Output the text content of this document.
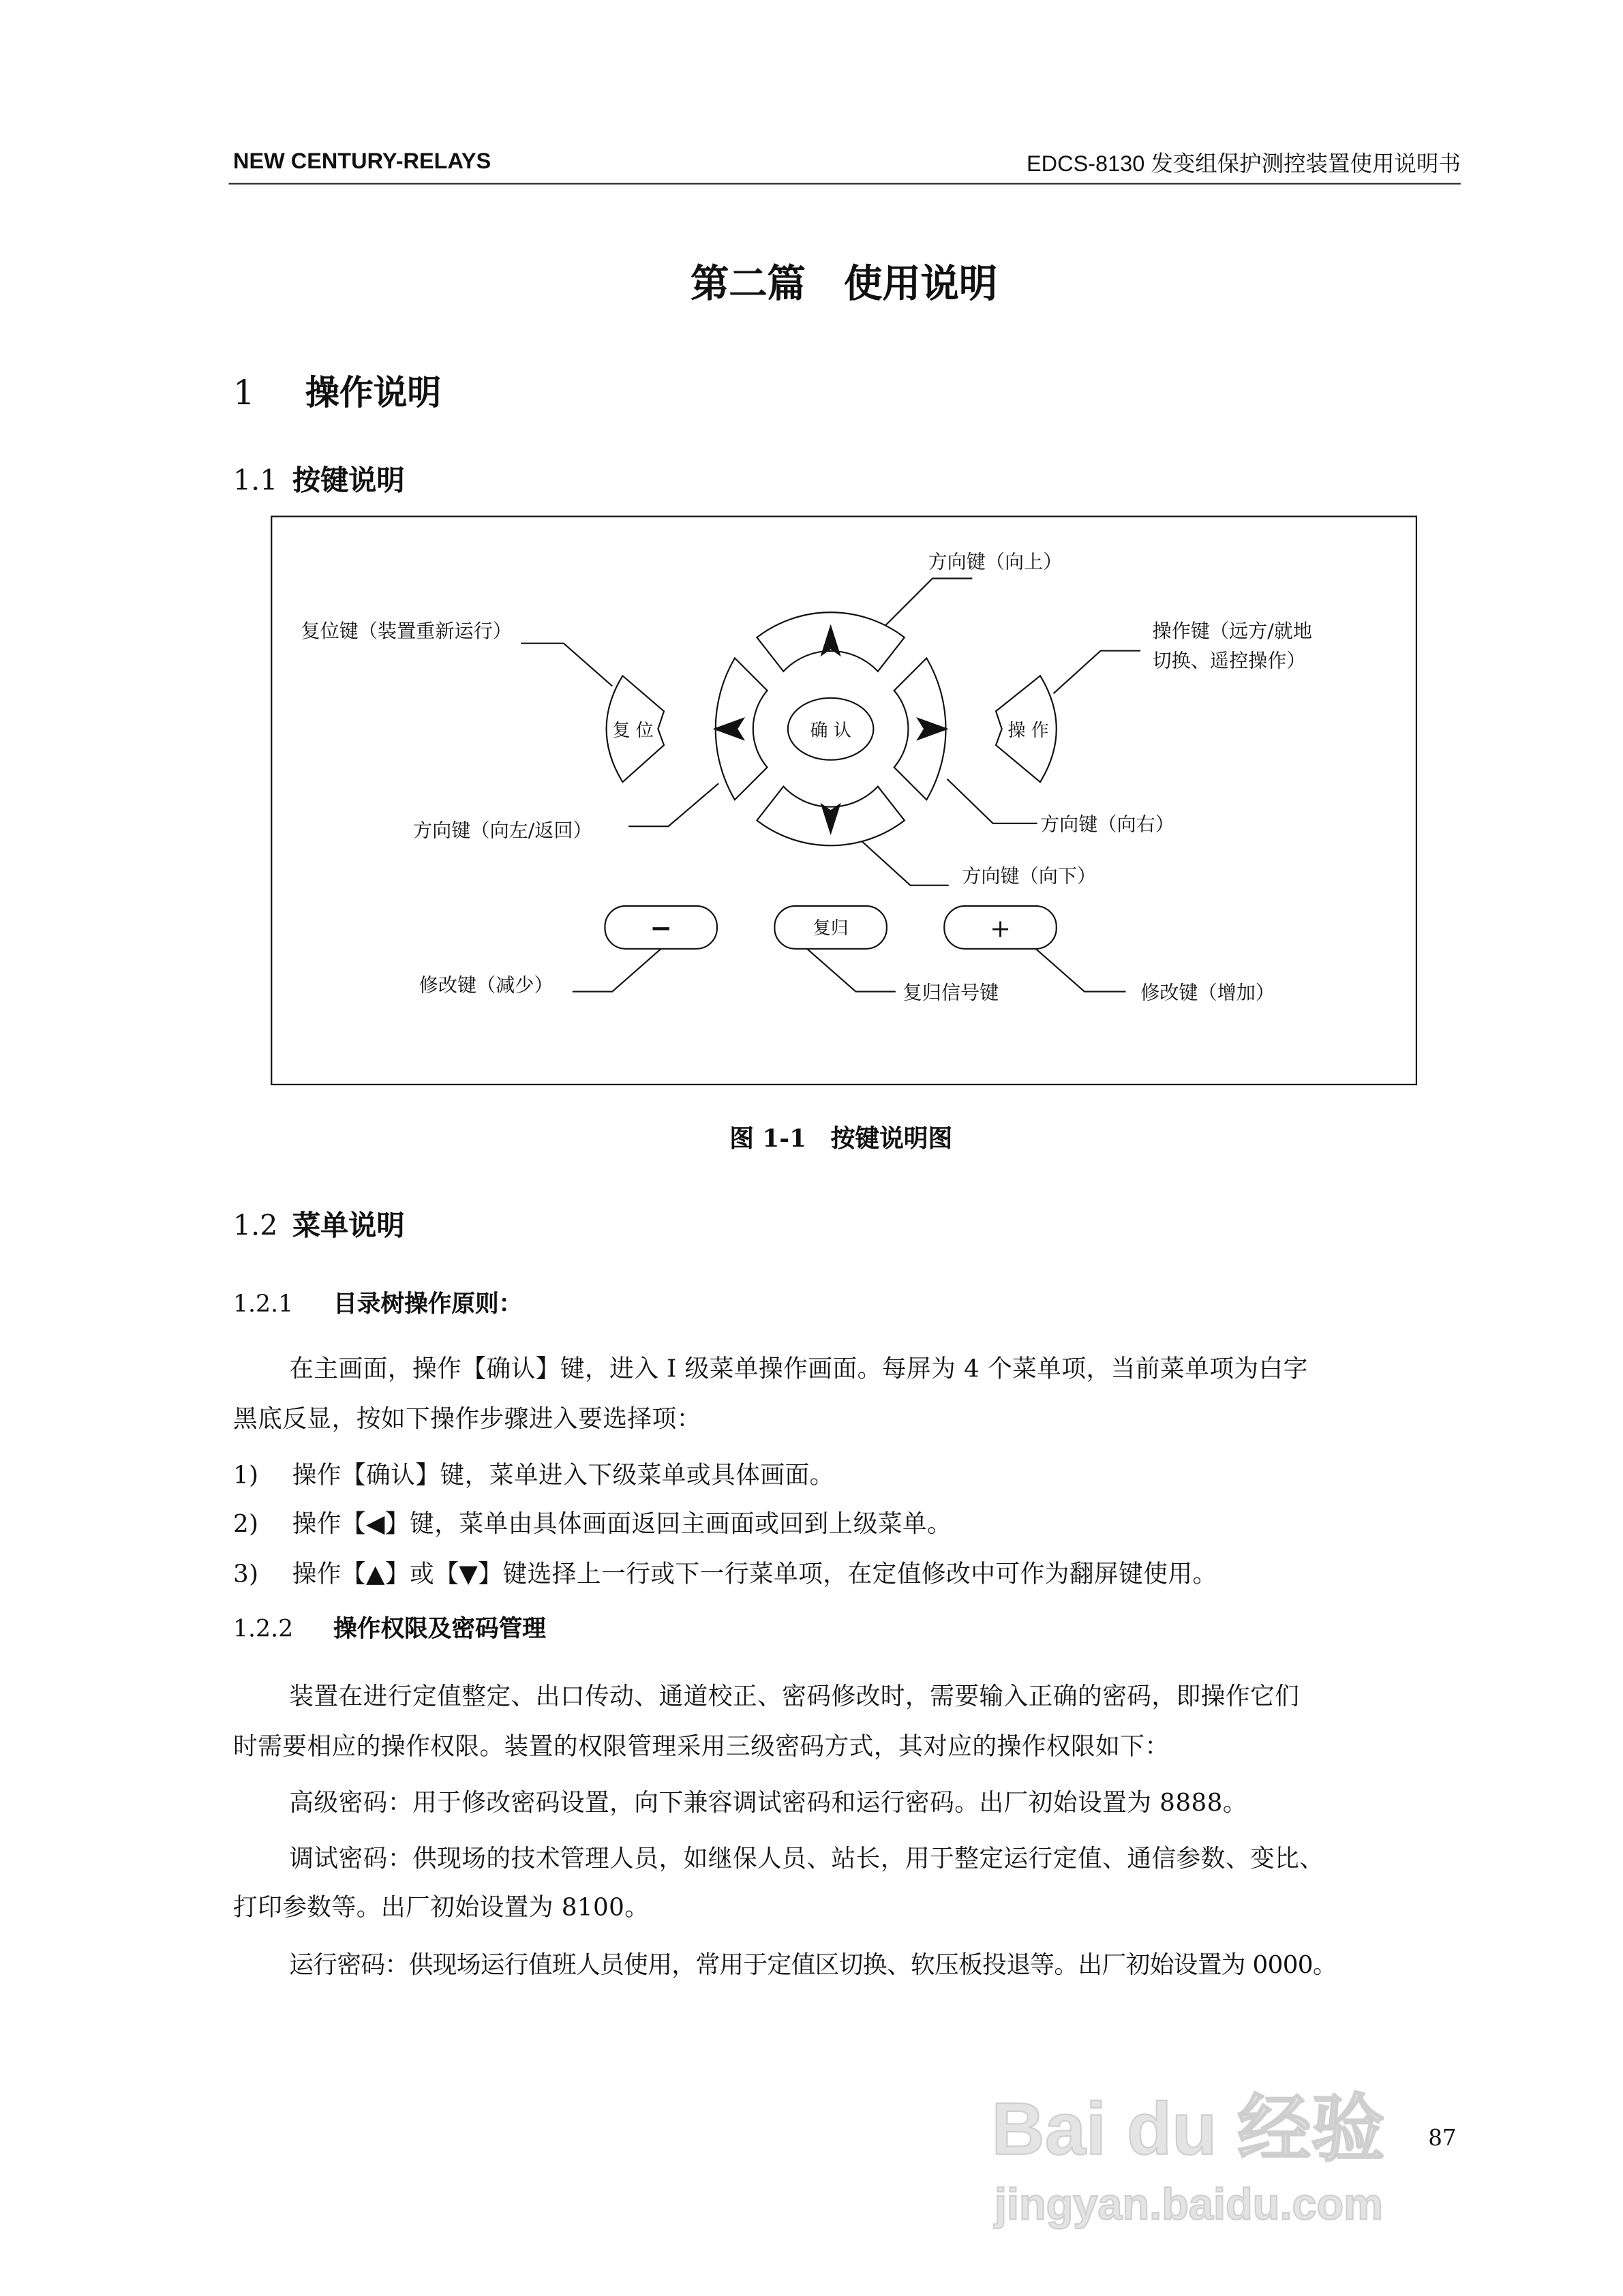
NEW CENTURY-RELAYS	EDCS-8130 发变组保护测控装置使用说明书
第二篇　使用说明
1	操作说明
1.1 按键说明
确 认
复 位	操 作
−	复归	+
方向键（向上）
复位键（装置重新运行）	操作键（远方/就地
切换、遥控操作）
方向键（向左/返回）	方向键（向右）
方向键（向下）
修改键（减少）	复归信号键	修改键（增加）
图 1-1　按键说明图
1.2 菜单说明
1.2.1	目录树操作原则：
在主画面，操作【确认】键，进入 I 级菜单操作画面。每屏为 4 个菜单项，当前菜单项为白字
黑底反显，按如下操作步骤进入要选择项：
1)	操作【确认】键，菜单进入下级菜单或具体画面。
2)	操作【◀】键，菜单由具体画面返回主画面或回到上级菜单。
3)	操作【▲】或【▼】键选择上一行或下一行菜单项，在定值修改中可作为翻屏键使用。
1.2.2	操作权限及密码管理
装置在进行定值整定、出口传动、通道校正、密码修改时，需要输入正确的密码，即操作它们
时需要相应的操作权限。装置的权限管理采用三级密码方式，其对应的操作权限如下：
高级密码：用于修改密码设置，向下兼容调试密码和运行密码。出厂初始设置为 8888。
调试密码：供现场的技术管理人员，如继保人员、站长，用于整定运行定值、通信参数、变比、
打印参数等。出厂初始设置为 8100。
运行密码：供现场运行值班人员使用，常用于定值区切换、软压板投退等。出厂初始设置为 0000。
Bai du 经验
jingyan.baidu.com
87
